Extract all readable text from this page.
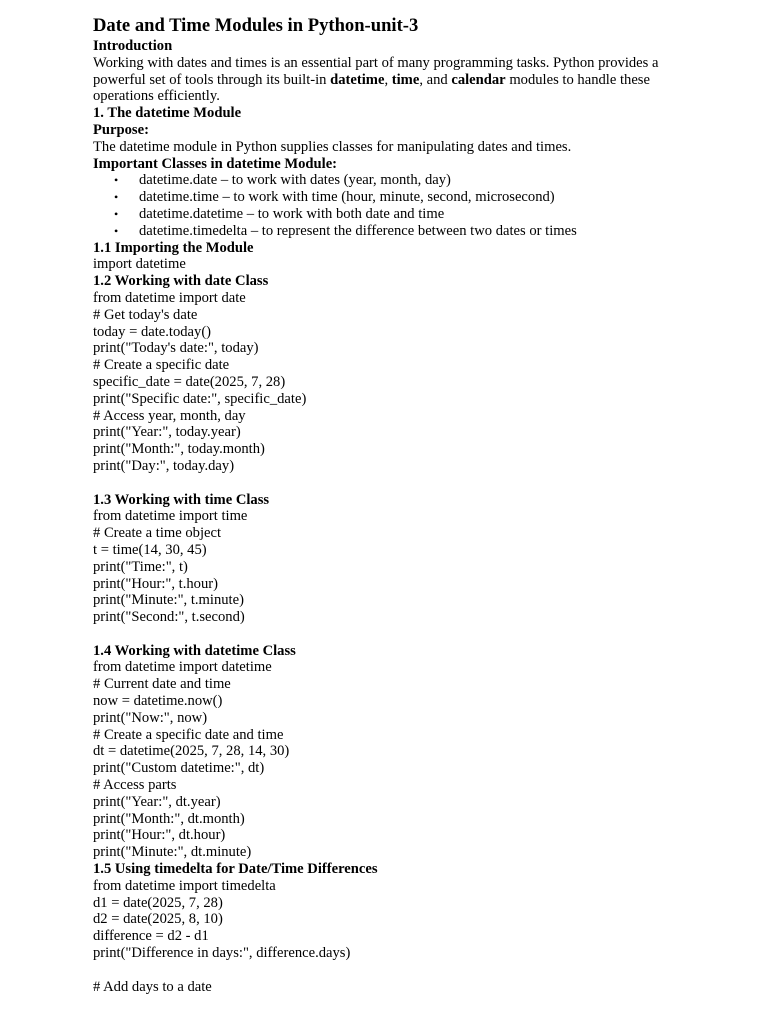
Date and Time Modules in Python-unit-3
Introduction
Working with dates and times is an essential part of many programming tasks. Python provides a powerful set of tools through its built-in datetime, time, and calendar modules to handle these operations efficiently.
1. The datetime Module
Purpose:
The datetime module in Python supplies classes for manipulating dates and times.
Important Classes in datetime Module:
• datetime.date – to work with dates (year, month, day)
• datetime.time – to work with time (hour, minute, second, microsecond)
• datetime.datetime – to work with both date and time
• datetime.timedelta – to represent the difference between two dates or times
1.1 Importing the Module
import datetime
1.2 Working with date Class
from datetime import date
# Get today's date
today = date.today()
print("Today's date:", today)
# Create a specific date
specific_date = date(2025, 7, 28)
print("Specific date:", specific_date)
# Access year, month, day
print("Year:", today.year)
print("Month:", today.month)
print("Day:", today.day)
1.3 Working with time Class
from datetime import time
# Create a time object
t = time(14, 30, 45)
print("Time:", t)
print("Hour:", t.hour)
print("Minute:", t.minute)
print("Second:", t.second)
1.4 Working with datetime Class
from datetime import datetime
# Current date and time
now = datetime.now()
print("Now:", now)
# Create a specific date and time
dt = datetime(2025, 7, 28, 14, 30)
print("Custom datetime:", dt)
# Access parts
print("Year:", dt.year)
print("Month:", dt.month)
print("Hour:", dt.hour)
print("Minute:", dt.minute)
1.5 Using timedelta for Date/Time Differences
from datetime import timedelta
d1 = date(2025, 7, 28)
d2 = date(2025, 8, 10)
difference = d2 - d1
print("Difference in days:", difference.days)
# Add days to a date
